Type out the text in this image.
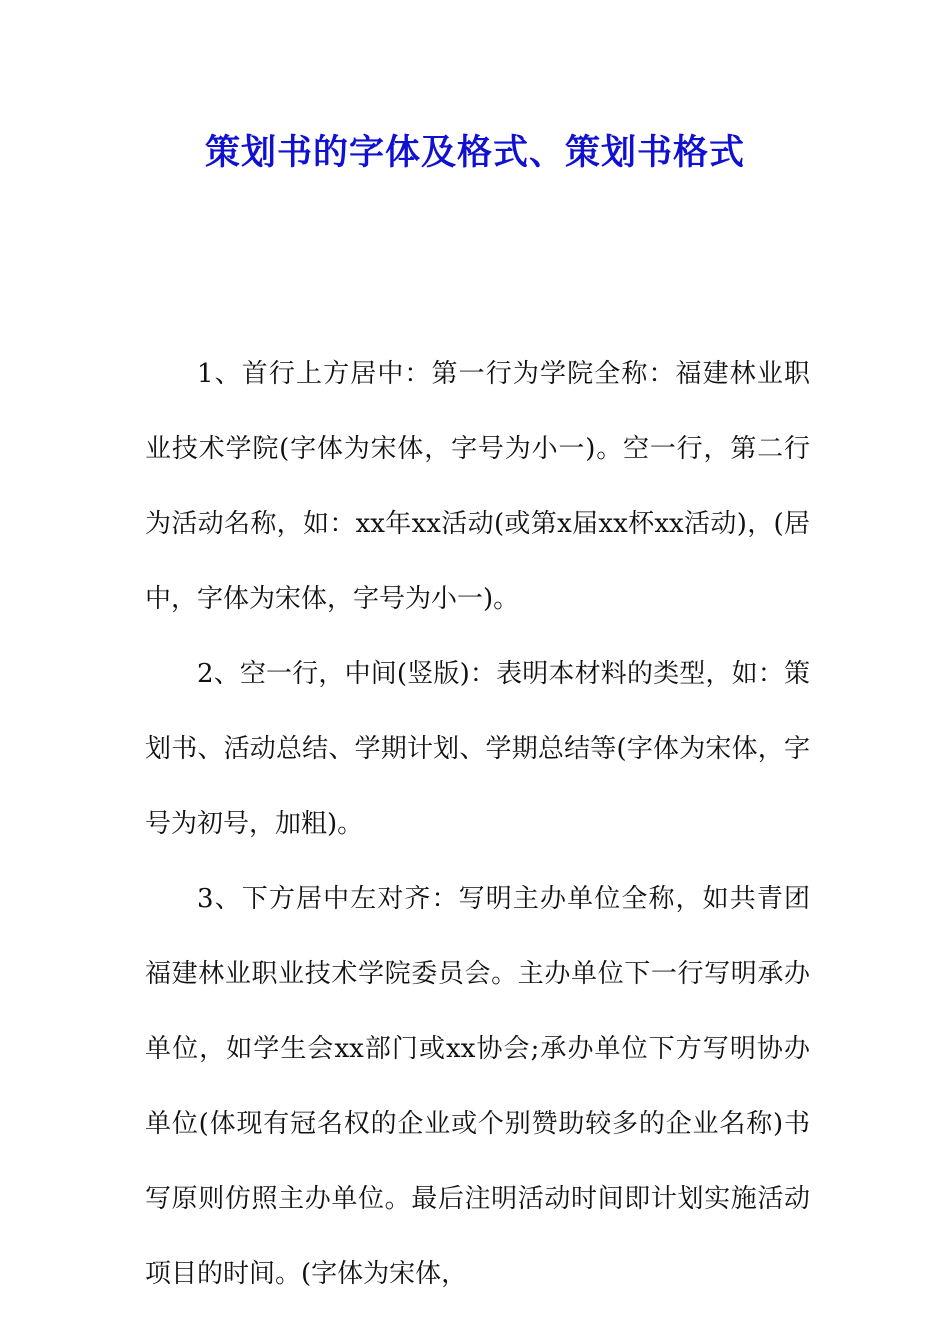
策划书的字体及格式、策划书格式

1、首行上方居中：第一行为学院全称：福建林业职业技术学院(字体为宋体，字号为小一)。空一行，第二行为活动名称，如：xx年xx活动(或第x届xx杯xx活动)，(居中，字体为宋体，字号为小一)。

2、空一行，中间(竖版)：表明本材料的类型，如：策划书、活动总结、学期计划、学期总结等(字体为宋体，字号为初号，加粗)。

3、下方居中左对齐：写明主办单位全称，如共青团福建林业职业技术学院委员会。主办单位下一行写明承办单位，如学生会xx部门或xx协会;承办单位下方写明协办单位(体现有冠名权的企业或个别赞助较多的企业名称)书写原则仿照主办单位。最后注明活动时间即计划实施活动项目的时间。(字体为宋体，
